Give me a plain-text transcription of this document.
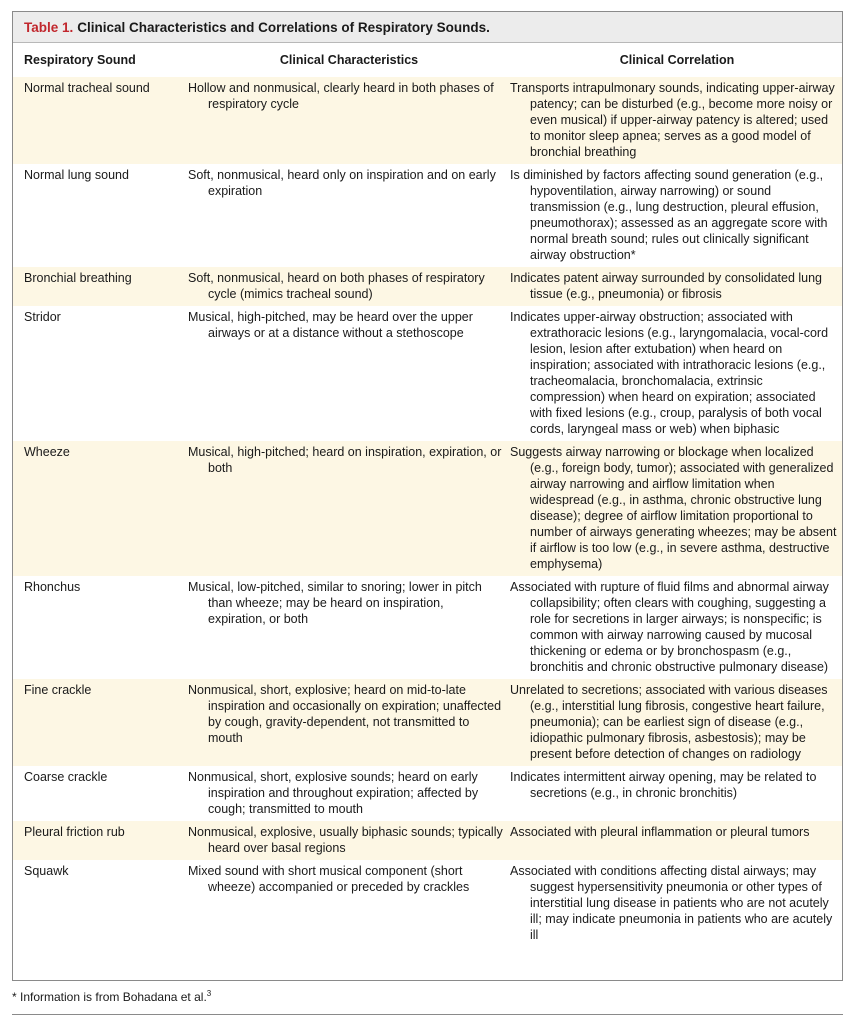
Table 1. Clinical Characteristics and Correlations of Respiratory Sounds.
Respiratory Sound	Clinical Characteristics	Clinical Correlation
Normal tracheal sound	Hollow and nonmusical, clearly heard in both phases of respiratory cycle	Transports intrapulmonary sounds, indicating upper-airway patency; can be disturbed (e.g., become more noisy or even musical) if upper-airway patency is altered; used to monitor sleep apnea; serves as a good model of bronchial breathing

Normal lung sound	Soft, nonmusical, heard only on inspiration and on early expiration	Is diminished by factors affecting sound generation (e.g., hypoventilation, airway narrowing) or sound transmission (e.g., lung destruction, pleural effusion, pneumothorax); assessed as an aggregate score with normal breath sound; rules out clinically significant airway obstruction*

Bronchial breathing	Soft, nonmusical, heard on both phases of respiratory cycle (mimics tracheal sound)	Indicates patent airway surrounded by consolidated lung tissue (e.g., pneumonia) or fibrosis

Stridor	Musical, high-pitched, may be heard over the upper airways or at a distance without a stethoscope	Indicates upper-airway obstruction; associated with extrathoracic lesions (e.g., laryngomalacia, vocal-cord lesion, lesion after extubation) when heard on inspiration; associated with intrathoracic lesions (e.g., tracheomalacia, bronchomalacia, extrinsic compression) when heard on expiration; associated with fixed lesions (e.g., croup, paralysis of both vocal cords, laryngeal mass or web) when biphasic

Wheeze	Musical, high-pitched; heard on inspiration, expiration, or both	Suggests airway narrowing or blockage when localized (e.g., foreign body, tumor); associated with generalized airway narrowing and airflow limitation when widespread (e.g., in asthma, chronic obstructive lung disease); degree of airflow limitation proportional to number of airways generating wheezes; may be absent if airflow is too low (e.g., in severe asthma, destructive emphysema)

Rhonchus	Musical, low-pitched, similar to snoring; lower in pitch than wheeze; may be heard on inspiration, expiration, or both	Associated with rupture of fluid films and abnormal airway collapsibility; often clears with coughing, suggesting a role for secretions in larger airways; is nonspecific; is common with airway narrowing caused by mucosal thickening or edema or by bronchospasm (e.g., bronchitis and chronic obstructive pulmonary disease)

Fine crackle	Nonmusical, short, explosive; heard on mid-to-late inspiration and occasionally on expiration; unaffected by cough, gravity-dependent, not transmitted to mouth	Unrelated to secretions; associated with various diseases (e.g., interstitial lung fibrosis, congestive heart failure, pneumonia); can be earliest sign of disease (e.g., idiopathic pulmonary fibrosis, asbestosis); may be present before detection of changes on radiology

Coarse crackle	Nonmusical, short, explosive sounds; heard on early inspiration and throughout expiration; affected by cough; transmitted to mouth	Indicates intermittent airway opening, may be related to secretions (e.g., in chronic bronchitis)

Pleural friction rub	Nonmusical, explosive, usually biphasic sounds; typically heard over basal regions	Associated with pleural inflammation or pleural tumors

Squawk	Mixed sound with short musical component (short wheeze) accompanied or preceded by crackles	Associated with conditions affecting distal airways; may suggest hypersensitivity pneumonia or other types of interstitial lung disease in patients who are not acutely ill; may indicate pneumonia in patients who are acutely ill
* Information is from Bohadana et al.$^3$
